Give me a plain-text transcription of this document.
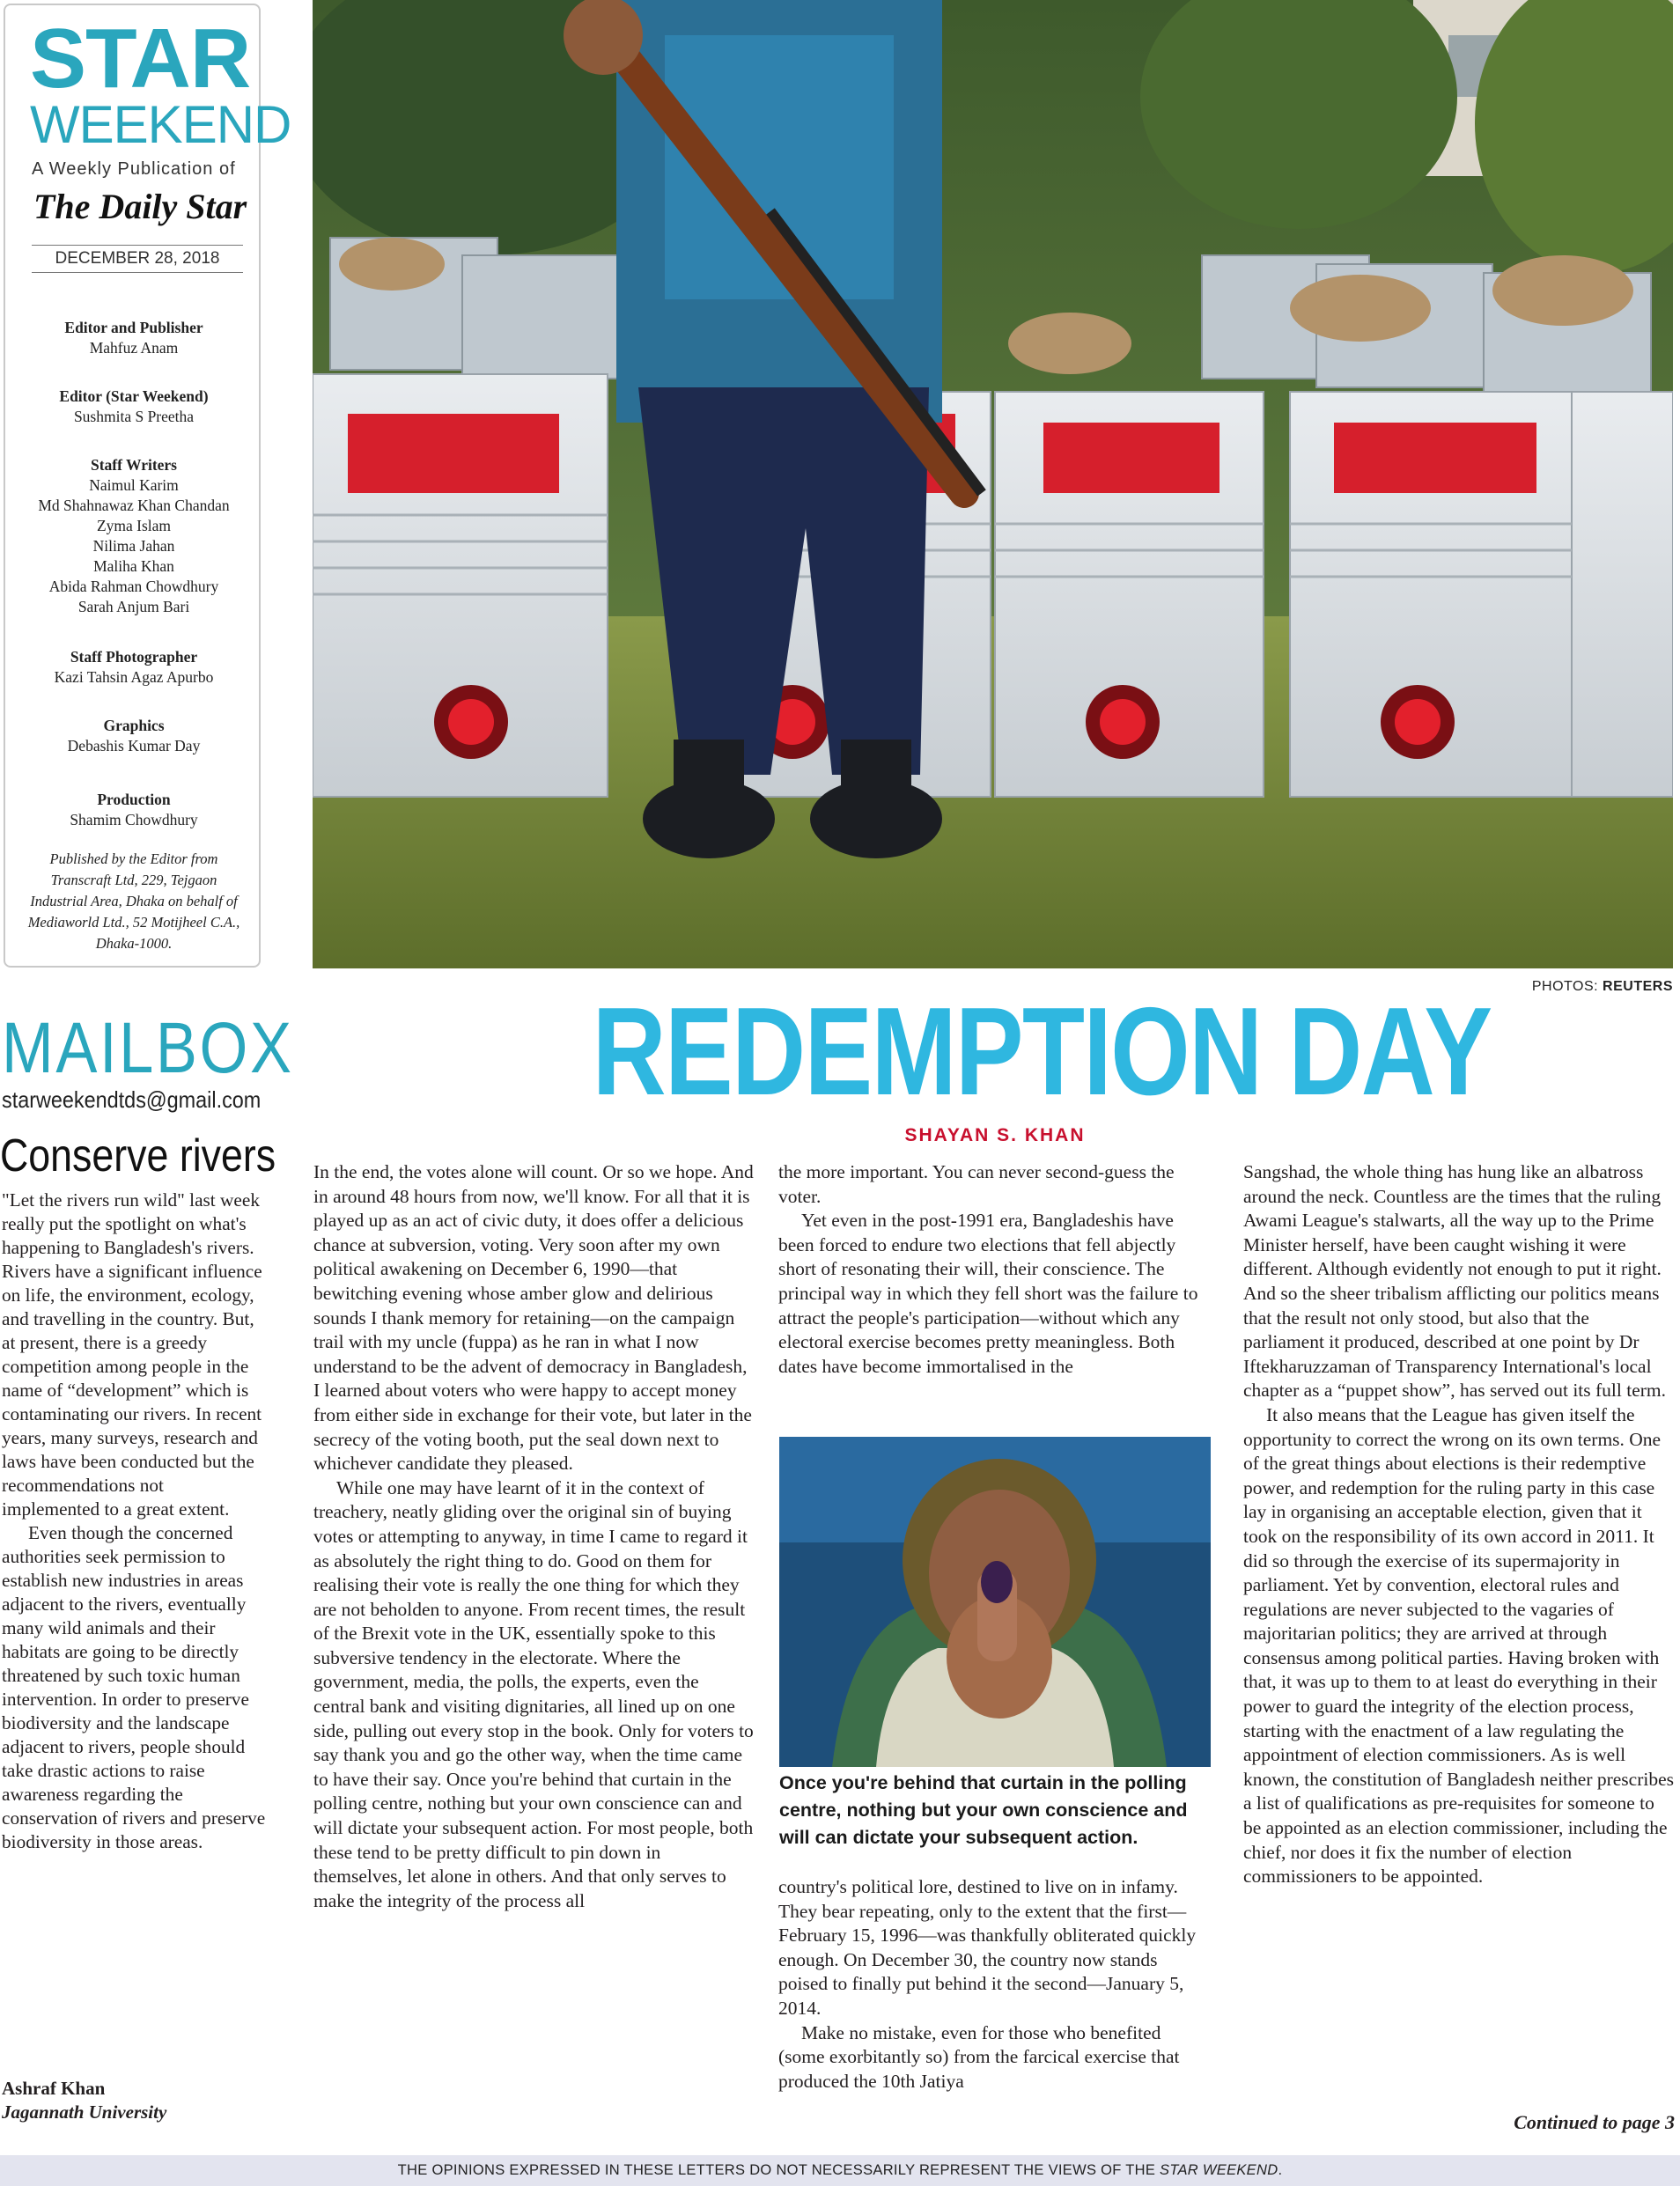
STAR
WEEKEND
A Weekly Publication of
The Daily Star
DECEMBER 28, 2018
Editor and Publisher
Mahfuz Anam
Editor (Star Weekend)
Sushmita S Preetha
Staff Writers
Naimul Karim
Md Shahnawaz Khan Chandan
Zyma Islam
Nilima Jahan
Maliha Khan
Abida Rahman Chowdhury
Sarah Anjum Bari
Staff Photographer
Kazi Tahsin Agaz Apurbo
Graphics
Debashis Kumar Day
Production
Shamim Chowdhury
Published by the Editor from Transcraft Ltd, 229, Tejgaon Industrial Area, Dhaka on behalf of Mediaworld Ltd., 52 Motijheel C.A., Dhaka-1000.
PHOTOS: REUTERS
MAILBOX
starweekendtds@gmail.com
Conserve rivers

"Let the rivers run wild" last week really put the spotlight on what's happening to Bangladesh's rivers. Rivers have a significant influence on life, the environment, ecology, and travelling in the country. But, at present, there is a greedy competition among people in the name of “development” which is contaminating our rivers. In recent years, many surveys, research and laws have been conducted but the recommendations not implemented to a great extent.

Even though the concerned authorities seek permission to establish new industries in areas adjacent to the rivers, eventually many wild animals and their habitats are going to be directly threatened by such toxic human intervention. In order to preserve biodiversity and the landscape adjacent to rivers, people should take drastic actions to raise awareness regarding the conservation of rivers and preserve biodiversity in those areas.

Ashraf Khan
Jagannath University
REDEMPTION DAY
SHAYAN S. KHAN

In the end, the votes alone will count. Or so we hope. And in around 48 hours from now, we'll know. For all that it is played up as an act of civic duty, it does offer a delicious chance at subversion, voting. Very soon after my own political awakening on December 6, 1990—that bewitching evening whose amber glow and delirious sounds I thank memory for retaining—on the campaign trail with my uncle (fuppa) as he ran in what I now understand to be the advent of democracy in Bangladesh, I learned about voters who were happy to accept money from either side in exchange for their vote, but later in the secrecy of the voting booth, put the seal down next to whichever candidate they pleased.

While one may have learnt of it in the context of treachery, neatly gliding over the original sin of buying votes or attempting to anyway, in time I came to regard it as absolutely the right thing to do. Good on them for realising their vote is really the one thing for which they are not beholden to anyone. From recent times, the result of the Brexit vote in the UK, essentially spoke to this subversive tendency in the electorate. Where the government, media, the polls, the experts, even the central bank and visiting dignitaries, all lined up on one side, pulling out every stop in the book. Only for voters to say thank you and go the other way, when the time came to have their say. Once you're behind that curtain in the polling centre, nothing but your own conscience can and will dictate your subsequent action. For most people, both these tend to be pretty difficult to pin down in themselves, let alone in others. And that only serves to make the integrity of the process all

the more important. You can never second-guess the voter.

Yet even in the post-1991 era, Bangladeshis have been forced to endure two elections that fell abjectly short of resonating their will, their conscience. The principal way in which they fell short was the failure to attract the people's participation—without which any electoral exercise becomes pretty meaningless. Both dates have become immortalised in the

Once you're behind that curtain in the polling centre, nothing but your own conscience and will can dictate your subsequent action.

country's political lore, destined to live on in infamy. They bear repeating, only to the extent that the first—February 15, 1996—was thankfully obliterated quickly enough. On December 30, the country now stands poised to finally put behind it the second—January 5, 2014.

Make no mistake, even for those who benefited (some exorbitantly so) from the farcical exercise that produced the 10th Jatiya

Sangshad, the whole thing has hung like an albatross around the neck. Countless are the times that the ruling Awami League's stalwarts, all the way up to the Prime Minister herself, have been caught wishing it were different. Although evidently not enough to put it right. And so the sheer tribalism afflicting our politics means that the result not only stood, but also that the parliament it produced, described at one point by Dr Iftekharuzzaman of Transparency International's local chapter as a “puppet show”, has served out its full term.

It also means that the League has given itself the opportunity to correct the wrong on its own terms. One of the great things about elections is their redemptive power, and redemption for the ruling party in this case lay in organising an acceptable election, given that it took on the responsibility of its own accord in 2011. It did so through the exercise of its supermajority in parliament. Yet by convention, electoral rules and regulations are never subjected to the vagaries of majoritarian politics; they are arrived at through consensus among political parties. Having broken with that, it was up to them to at least do everything in their power to guard the integrity of the election process, starting with the enactment of a law regulating the appointment of election commissioners. As is well known, the constitution of Bangladesh neither prescribes a list of qualifications as pre-requisites for someone to be appointed as an election commissioner, including the chief, nor does it fix the number of election commissioners to be appointed.

Continued to page 3
THE OPINIONS EXPRESSED IN THESE LETTERS DO NOT NECESSARILY REPRESENT THE VIEWS OF THE STAR WEEKEND.
